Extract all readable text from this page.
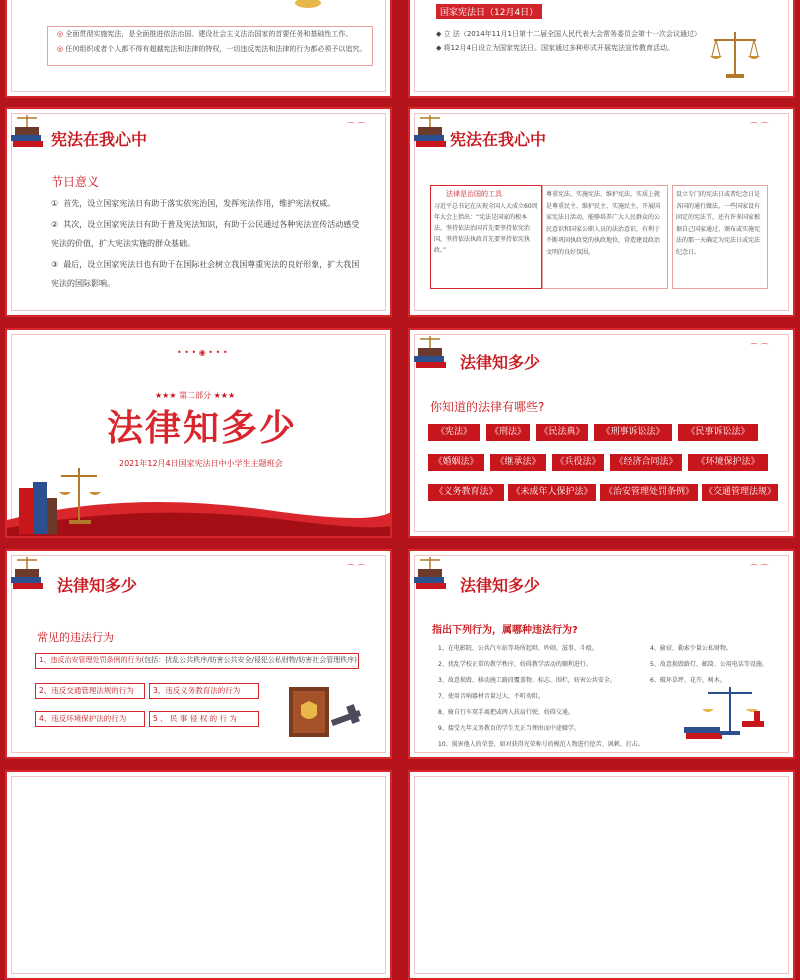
◎ 全面贯彻实施宪法，是全面推进依法治国、建设社会主义法治国家的首要任务和基础性工作。
◎ 任何组织或者个人都不得有超越宪法和法律的特权，一切违反宪法和法律的行为都必须予以追究。
国家宪法日（12月4日）
◆ 立 法（2014年11月1日第十二届全国人民代表大会常务委员会第十一次会议通过）
◆ 将12月4日设立为国家宪法日。国家通过多种形式开展宪法宣传教育活动。
宪法在我心中
⌒ ⌒
节日意义
① 首先，设立国家宪法日有助于落实依宪治国，发挥宪法作用，维护宪法权威。
② 其次，设立国家宪法日有助于普及宪法知识，有助于公民通过各种宪法宣传活动感受宪法的价值，扩大宪法实施的群众基础。
③ 最后，设立国家宪法日也有助于在国际社会树立我国尊重宪法的良好形象，扩大我国宪法的国际影响。
宪法在我心中
⌒ ⌒
法律是治国的工具
习近平总书记在庆祝全国人大成立60周年大会上指出：“宪法是国家的根本法，坚持依法治国首先要坚持依宪治国，坚持依法执政首先要坚持依宪执政。”
尊重宪法、实施宪法、维护宪法，实质上就是尊重民主、维护民主、实施民主。开展国家宪法日活动，能够培养广大人民群众的公民意识和国家公职人员的法治意识，有利于不断巩固执政党的执政地位，营造建设政治文明的良好氛围。
设立专门的宪法日或者纪念日是各国的通行做法。一些国家设有固定的宪法节，还有许多国家根据自己国家通过、颁布或实施宪法的那一天确定为宪法日或宪法纪念日。
• • • ◉ • • •
★★★ 第二部分 ★★★
法律知多少
2021年12月4日国家宪法日中小学生主题班会
法律知多少
⌒ ⌒
你知道的法律有哪些?
《宪法》	《刑法》	《民法典》	《刑事诉讼法》	《民事诉讼法》
《婚姻法》	《继承法》	《兵役法》	《经济合同法》	《环境保护法》
《义务教育法》	《未成年人保护法》	《治安管理处罚条例》	《交通管理法规》
法律知多少
⌒ ⌒
常见的违法行为
1、违反治安管理处罚条例的行为(包括：扰乱公共秩序/妨害公共安全/侵犯公私财物/妨害社会管理秩序)
2、违反交通管理法规的行为	3、违反义务教育法的行为
4、违反环境保护法的行为	5 、 民 事 侵 权 的 行 为
法律知多少
⌒ ⌒
指出下列行为，属哪种违法行为?
1、在电影院、公共汽车站等场所起哄、吵闹、滋事、斗殴。
2、扰乱学校正常的教学秩序，妨碍教学活动的顺利进行。
3、故意损毁、移动施工路段覆盖物、标志、围栏，妨害公共安全。
7、使用音响器材音量过大，不听劝阻。
8、骑自行车双手离把或两人扶肩行驶，妨碍交通。
9、接受九年义务教育的学生无正当理由而中途辍学。
10、损害他人的荣誉，如对获得光荣称号的模范人物进行挖苦、讽刺、打击。
4、偷窃、勒索少量公私财物。
5、故意损毁路灯、邮筒、公用电话等设施。
6、破坏草坪、花卉、树木。
